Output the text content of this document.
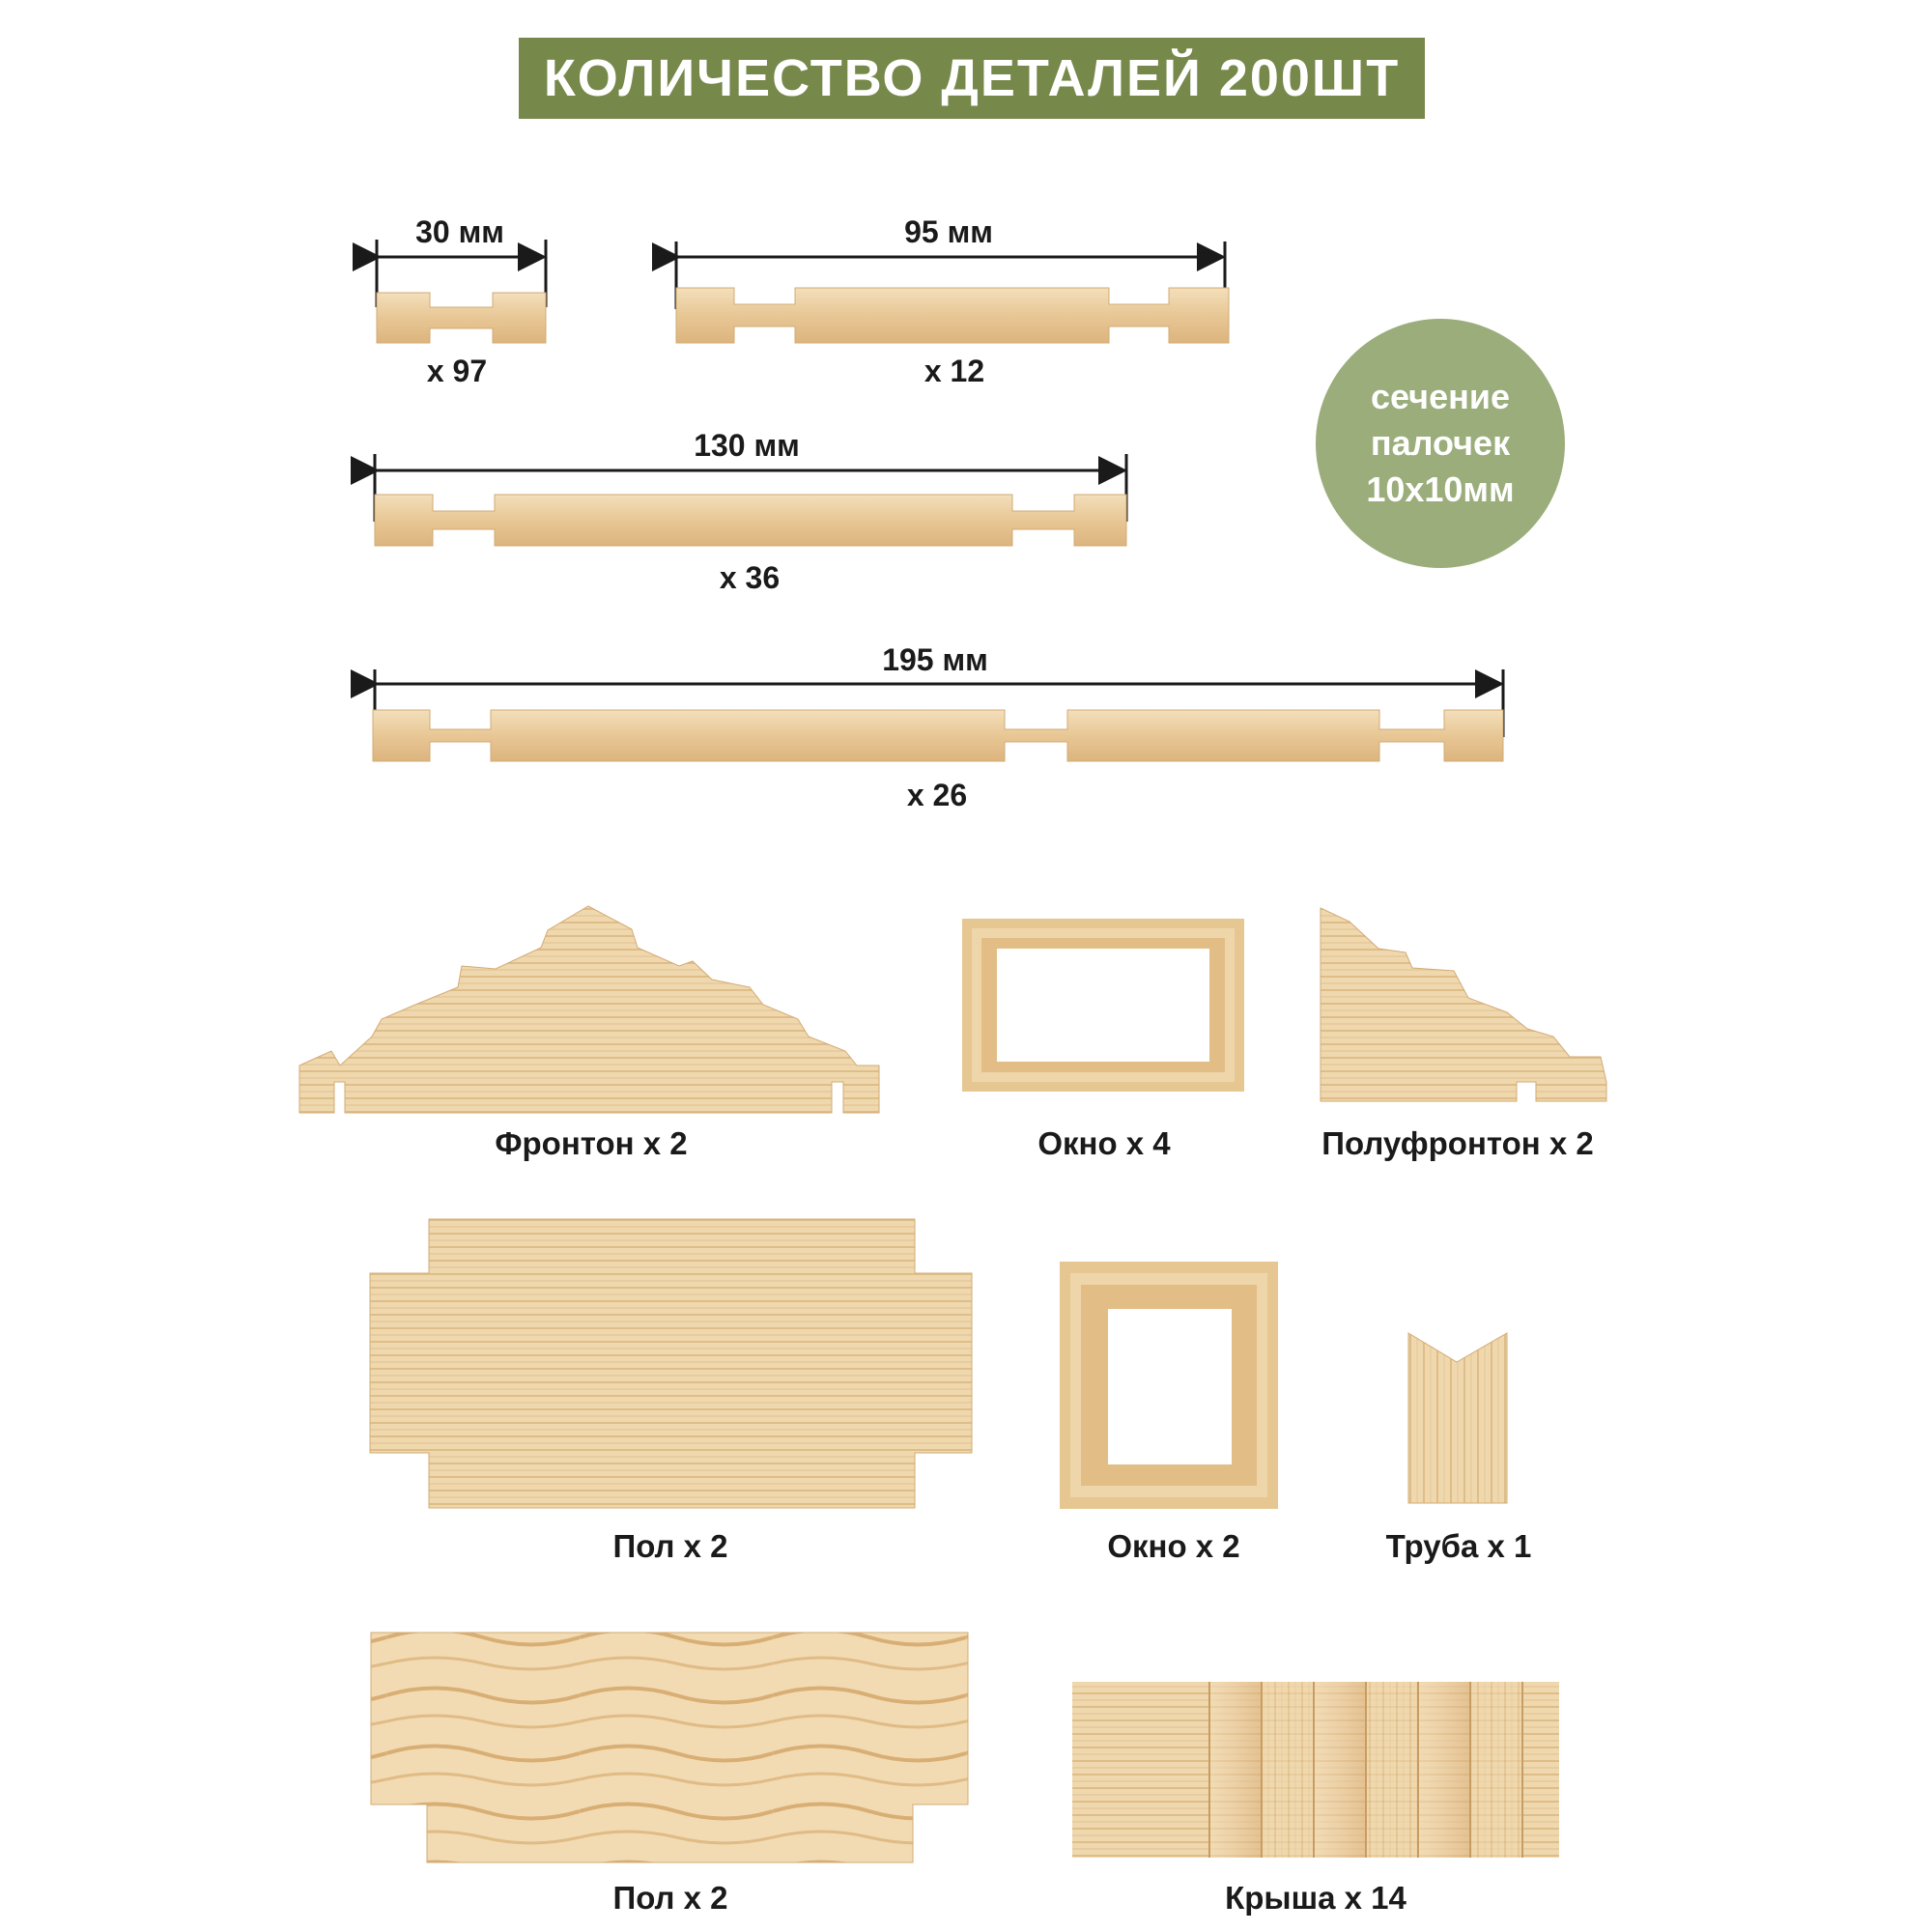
КОЛИЧЕСТВО ДЕТАЛЕЙ 200ШТ
сечение
палочек
10x10мм
30 мм
x 97
95 мм
x 12
130 мм
x 36
195 мм
x 26
Фронтон x 2	Окно x 4	Полуфронтон x 2
Пол x 2	Окно x 2	Труба x 1
Пол x 2	Крыша x 14
